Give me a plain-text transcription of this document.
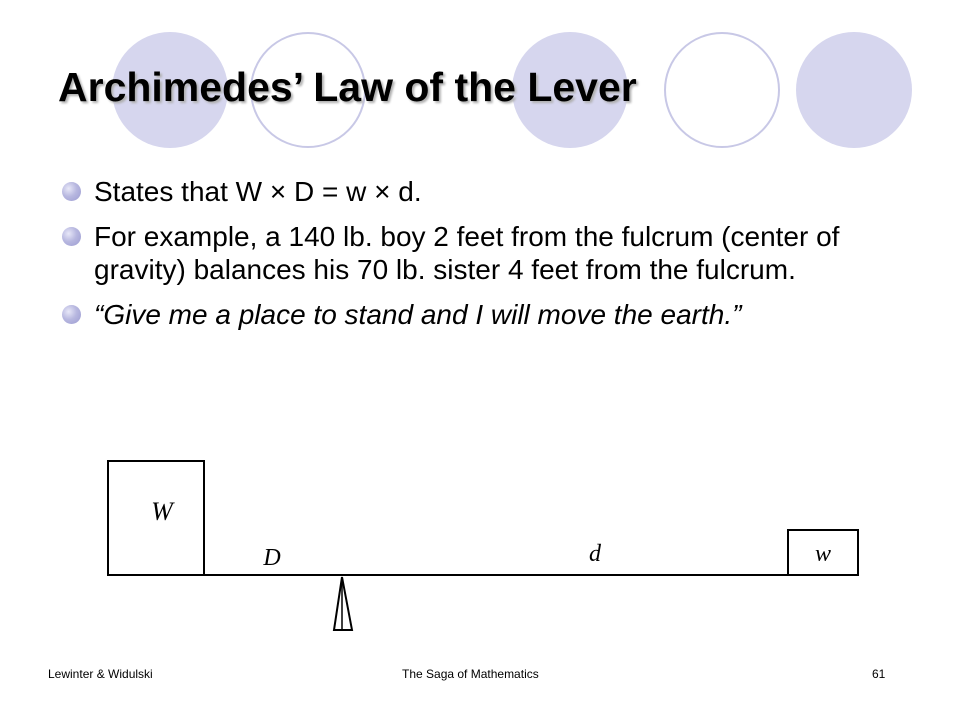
Archimedes’ Law of the Lever
States that W × D = w × d.
For example, a 140 lb. boy 2 feet from the fulcrum (center of gravity) balances his 70 lb. sister 4 feet from the fulcrum.
“Give me a place to stand and I will move the earth.”
W
w
D	d
Lewinter & Widulski	The Saga of Mathematics	61
